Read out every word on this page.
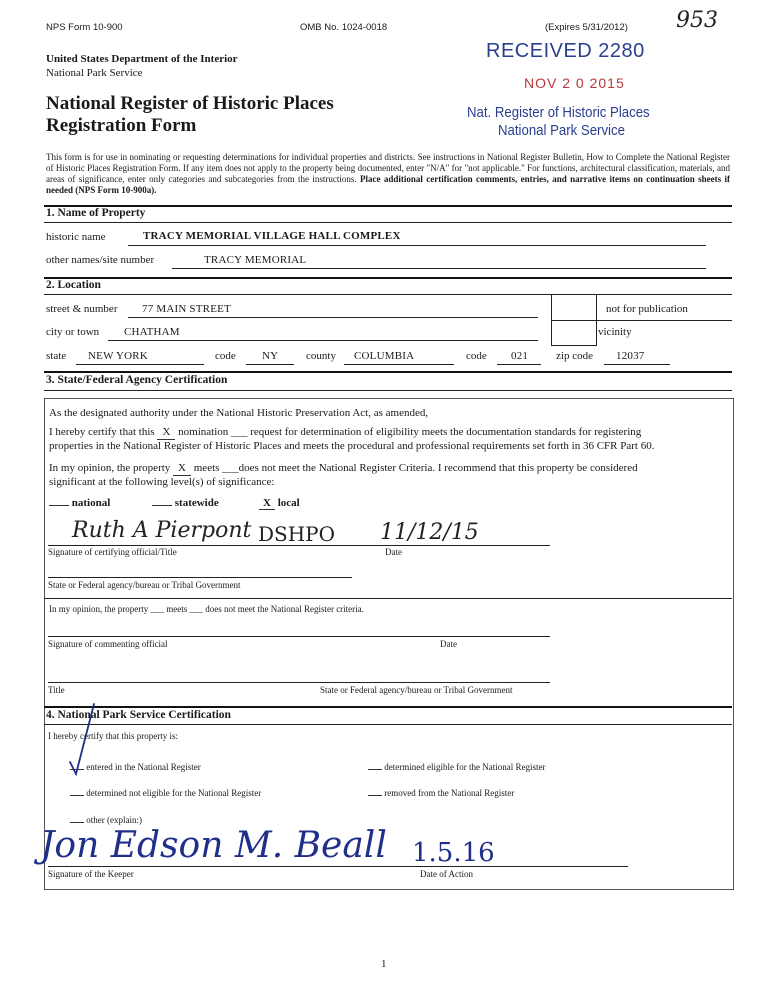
NPS Form 10-900	OMB No. 1024-0018	(Expires 5/31/2012) 953
United States Department of the Interior
National Park Service
National Register of Historic Places
Registration Form
RECEIVED 2280
NOV 2 0 2015
Nat. Register of Historic Places
National Park Service
This form is for use in nominating or requesting determinations for individual properties and districts. See instructions in National Register Bulletin, How to Complete the National Register of Historic Places Registration Form. If any item does not apply to the property being documented, enter "N/A" for "not applicable." For functions, architectural classification, materials, and areas of significance, enter only categories and subcategories from the instructions. Place additional certification comments, entries, and narrative items on continuation sheets if needed (NPS Form 10-900a).
1. Name of Property
historic name	TRACY MEMORIAL VILLAGE HALL COMPLEX
other names/site number	TRACY MEMORIAL
2. Location
street & number 77 MAIN STREET	not for publication
city or town CHATHAM	vicinity
state NEW YORK	code NY	county COLUMBIA	code 021	zip code 12037
3. State/Federal Agency Certification
As the designated authority under the National Historic Preservation Act, as amended,
I hereby certify that this X nomination ___ request for determination of eligibility meets the documentation standards for registering
properties in the National Register of Historic Places and meets the procedural and professional requirements set forth in 36 CFR Part 60.
In my opinion, the property X meets ___does not meet the National Register Criteria. I recommend that this property be considered
significant at the following level(s) of significance:
national	statewide	X local
Ruth A Pierpont DSHPO 11/12/15
Signature of certifying official/Title	Date
State or Federal agency/bureau or Tribal Government
In my opinion, the property ___ meets ___ does not meet the National Register criteria.
Signature of commenting official	Date
Title	State or Federal agency/bureau or Tribal Government
4. National Park Service Certification
I hereby certify that this property is:
entered in the National Register	determined eligible for the National Register
determined not eligible for the National Register	removed from the National Register
other (explain:)
Jon Edson M. Beall 1.5.16
Signature of the Keeper	Date of Action
1
